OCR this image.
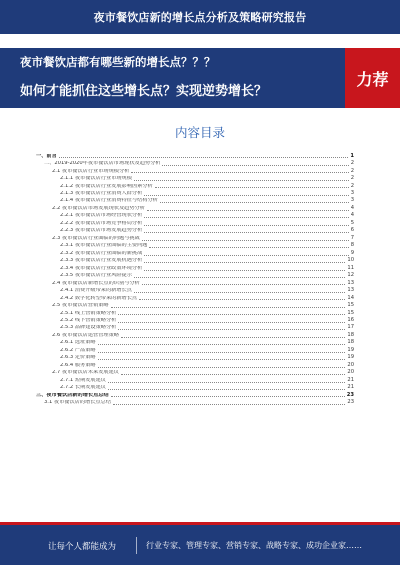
夜市餐饮店新的增长点分析及策略研究报告
夜市餐饮店都有哪些新的增长点？？？
如何才能抓住这些增长点？实现逆势增长？
力荐
内容目录
一、前言	1
二、2019-2020年夜市餐饮店市场现状及趋势分析	2
2.1 夜市餐饮店行业市场规模分析	2
2.1.1 夜市餐饮店行业市场规模	2
2.1.2 夜市餐饮店行业发展影响因素分析	2
2.1.3 夜市餐饮店行业消费人群分析	3
2.1.4 夜市餐饮店行业消费特征与结构分析	3
2.2 夜市餐饮店市场发展现状及趋势分析	4
2.2.1 夜市餐饮店市场经营现状分析	4
2.2.2 夜市餐饮店市场竞争格局分析	5
2.2.3 夜市餐饮店市场发展趋势分析	6
2.3 夜市餐饮店行业面临的问题与挑战	7
2.3.1 夜市餐饮店行业面临的主要问题	8
2.3.2 夜市餐饮店行业面临的新挑战	9
2.3.3 夜市餐饮店行业发展机遇分析	10
2.3.4 夜市餐饮店行业政策环境分析	11
2.3.5 夜市餐饮店行业风险提示	12
2.4 夜市餐饮店新增长点的识别与分析	13
2.4.1 消费升级带来的新增长点	13
2.4.2 数字化转型带来的新增长点	14
2.5 夜市餐饮店营销策略	15
2.5.1 线上营销策略分析	15
2.5.2 线下营销策略分析	16
2.5.3 品牌建设策略分析	17
2.6 夜市餐饮店运营管理策略	18
2.6.1 选址策略	18
2.6.2 产品策略	19
2.6.3 定价策略	19
2.6.4 服务策略	20
2.7 夜市餐饮店未来发展建议	20
2.7.1 短期发展建议	21
2.7.2 长期发展建议	21
三、夜市餐饮店新的增长点总结	23
3.1 夜市餐饮店的增长点总结	23
让每个人都能成为	行业专家、管理专家、营销专家、战略专家、成功企业家……
